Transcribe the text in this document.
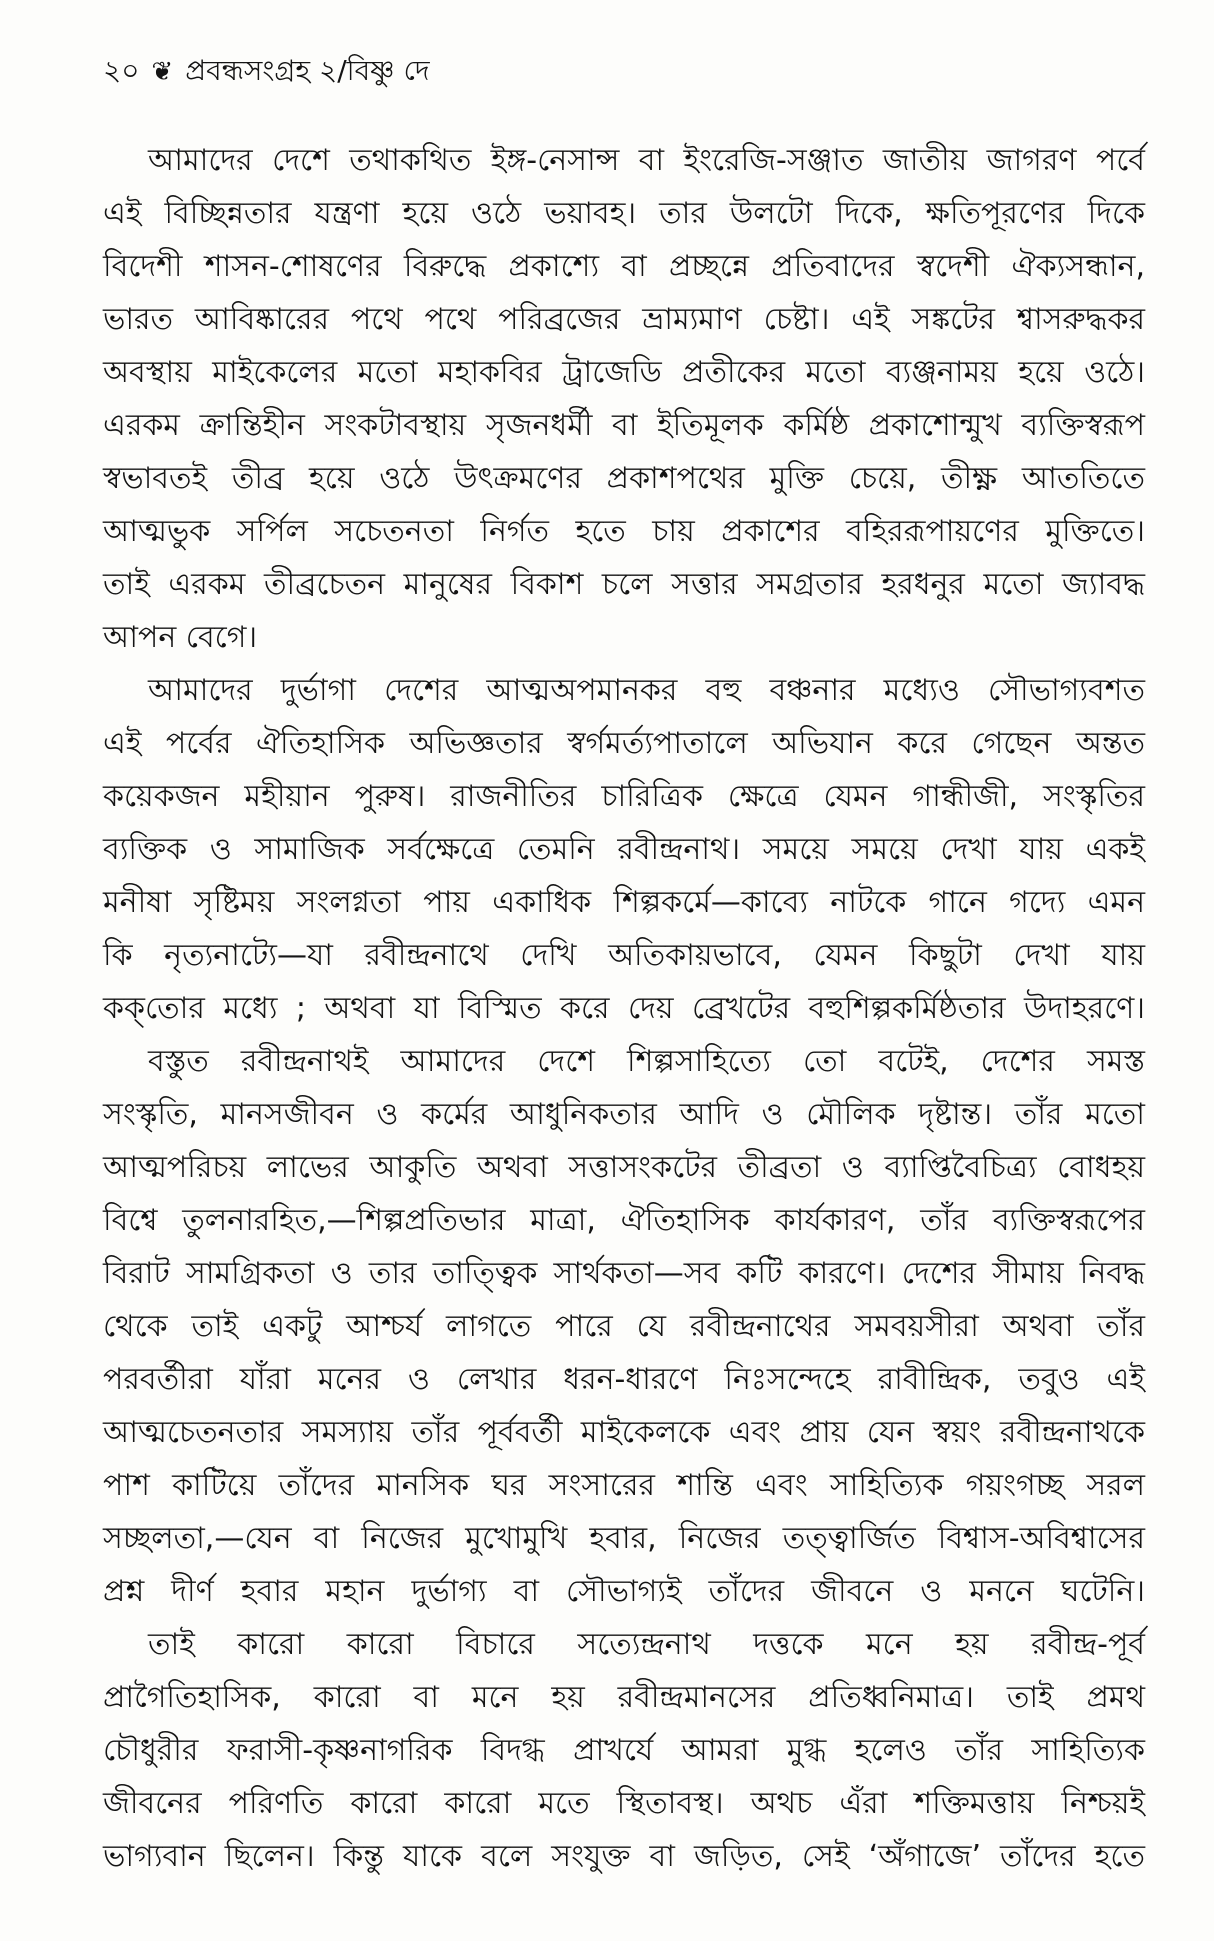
২০ ❦ প্রবন্ধসংগ্রহ ২/বিষ্ণু দে
আমাদের দেশে তথাকথিত ইঙ্গ-নেসান্স বা ইংরেজি-সঞ্জাত জাতীয় জাগরণ পর্বে
এই বিচ্ছিন্নতার যন্ত্রণা হয়ে ওঠে ভয়াবহ। তার উলটো দিকে, ক্ষতিপূরণের দিকে
বিদেশী শাসন-শোষণের বিরুদ্ধে প্রকাশ্যে বা প্রচ্ছন্নে প্রতিবাদের স্বদেশী ঐক্যসন্ধান,
ভারত আবিষ্কারের পথে পথে পরিব্রজের ভ্রাম্যমাণ চেষ্টা। এই সঙ্কটের শ্বাসরুদ্ধকর
অবস্থায় মাইকেলের মতো মহাকবির ট্রাজেডি প্রতীকের মতো ব্যঞ্জনাময় হয়ে ওঠে।
এরকম ক্রান্তিহীন সংকটাবস্থায় সৃজনধর্মী বা ইতিমূলক কর্মিষ্ঠ প্রকাশোন্মুখ ব্যক্তিস্বরূপ
স্বভাবতই তীব্র হয়ে ওঠে উৎক্রমণের প্রকাশপথের মুক্তি চেয়ে, তীক্ষ্ণ আততিতে
আত্মভুক সর্পিল সচেতনতা নির্গত হতে চায় প্রকাশের বহিররূপায়ণের মুক্তিতে।
তাই এরকম তীব্রচেতন মানুষের বিকাশ চলে সত্তার সমগ্রতার হরধনুর মতো জ্যাবদ্ধ
আপন বেগে।
আমাদের দুর্ভাগা দেশের আত্মঅপমানকর বহু বঞ্চনার মধ্যেও সৌভাগ্যবশত
এই পর্বের ঐতিহাসিক অভিজ্ঞতার স্বর্গমর্ত্যপাতালে অভিযান করে গেছেন অন্তত
কয়েকজন মহীয়ান পুরুষ। রাজনীতির চারিত্রিক ক্ষেত্রে যেমন গান্ধীজী, সংস্কৃতির
ব্যক্তিক ও সামাজিক সর্বক্ষেত্রে তেমনি রবীন্দ্রনাথ। সময়ে সময়ে দেখা যায় একই
মনীষা সৃষ্টিময় সংলগ্নতা পায় একাধিক শিল্পকর্মে—কাব্যে নাটকে গানে গদ্যে এমন
কি নৃত্যনাট্যে—যা রবীন্দ্রনাথে দেখি অতিকায়ভাবে, যেমন কিছুটা দেখা যায়
কক্‌তোর মধ্যে ; অথবা যা বিস্মিত করে দেয় ব্রেখটের বহুশিল্পকর্মিষ্ঠতার উদাহরণে।
বস্তুত রবীন্দ্রনাথই আমাদের দেশে শিল্পসাহিত্যে তো বটেই, দেশের সমস্ত
সংস্কৃতি, মানসজীবন ও কর্মের আধুনিকতার আদি ও মৌলিক দৃষ্টান্ত। তাঁর মতো
আত্মপরিচয় লাভের আকুতি অথবা সত্তাসংকটের তীব্রতা ও ব্যাপ্তিবৈচিত্র্য বোধহয়
বিশ্বে তুলনারহিত,—শিল্পপ্রতিভার মাত্রা, ঐতিহাসিক কার্যকারণ, তাঁর ব্যক্তিস্বরূপের
বিরাট সামগ্রিকতা ও তার তাত্ত্বিক সার্থকতা—সব কটি কারণে। দেশের সীমায় নিবদ্ধ
থেকে তাই একটু আশ্চর্য লাগতে পারে যে রবীন্দ্রনাথের সমবয়সীরা অথবা তাঁর
পরবর্তীরা যাঁরা মনের ও লেখার ধরন-ধারণে নিঃসন্দেহে রাবীন্দ্রিক, তবুও এই
আত্মচেতনতার সমস্যায় তাঁর পূর্ববর্তী মাইকেলকে এবং প্রায় যেন স্বয়ং রবীন্দ্রনাথকে
পাশ কাটিয়ে তাঁদের মানসিক ঘর সংসারের শান্তি এবং সাহিত্যিক গয়ংগচ্ছ সরল
সচ্ছলতা,—যেন বা নিজের মুখোমুখি হবার, নিজের তত্ত্বার্জিত বিশ্বাস-অবিশ্বাসের
প্রশ্ন দীর্ণ হবার মহান দুর্ভাগ্য বা সৌভাগ্যই তাঁদের জীবনে ও মননে ঘটেনি।
তাই কারো কারো বিচারে সত্যেন্দ্রনাথ দত্তকে মনে হয় রবীন্দ্র-পূর্ব
প্রাগৈতিহাসিক, কারো বা মনে হয় রবীন্দ্রমানসের প্রতিধ্বনিমাত্র। তাই প্রমথ
চৌধুরীর ফরাসী-কৃষ্ণনাগরিক বিদগ্ধ প্রাখর্যে আমরা মুগ্ধ হলেও তাঁর সাহিত্যিক
জীবনের পরিণতি কারো কারো মতে স্থিতাবস্থ। অথচ এঁরা শক্তিমত্তায় নিশ্চয়ই
ভাগ্যবান ছিলেন। কিন্তু যাকে বলে সংযুক্ত বা জড়িত, সেই ‘অঁগাজে’ তাঁদের হতে
